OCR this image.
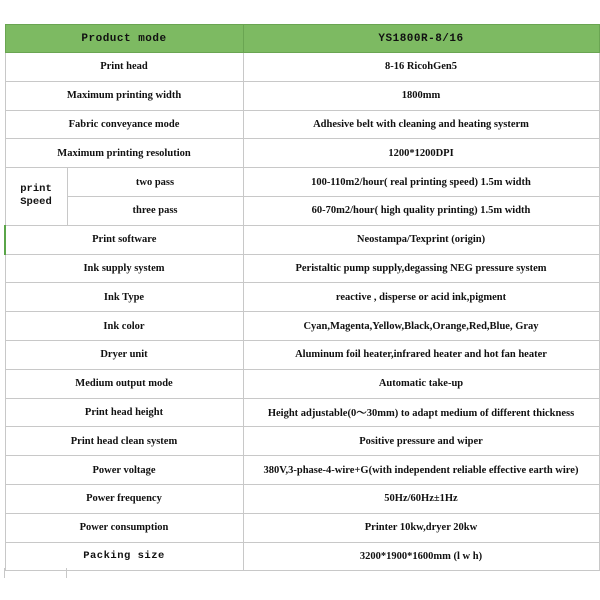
Product mode		YS1800R-8/16
Print head		8-16 RicohGen5
Maximum printing width		1800mm
Fabric conveyance mode		Adhesive belt with cleaning and heating systerm
Maximum printing resolution		1200*1200DPI

print
Speed	two pass	100-110m2/hour( real printing speed) 1.5m width
	three pass	60-70m2/hour( high quality printing) 1.5m width
Print software		Neostampa/Texprint (origin)
Ink supply system		Peristaltic pump supply,degassing NEG pressure system
Ink Type		reactive , disperse or acid ink,pigment
Ink color		Cyan,Magenta,Yellow,Black,Orange,Red,Blue, Gray
Dryer unit		Aluminum foil heater,infrared heater and hot fan heater
Medium output mode		Automatic take-up
Print head height		Height adjustable(0～30mm) to adapt medium of different thickness
Print head clean system		Positive pressure and wiper
Power voltage		380V,3-phase-4-wire+G(with independent reliable effective earth wire)
Power frequency		50Hz/60Hz±1Hz
Power consumption		Printer 10kw,dryer 20kw
Packing size		3200*1900*1600mm (l w h)
